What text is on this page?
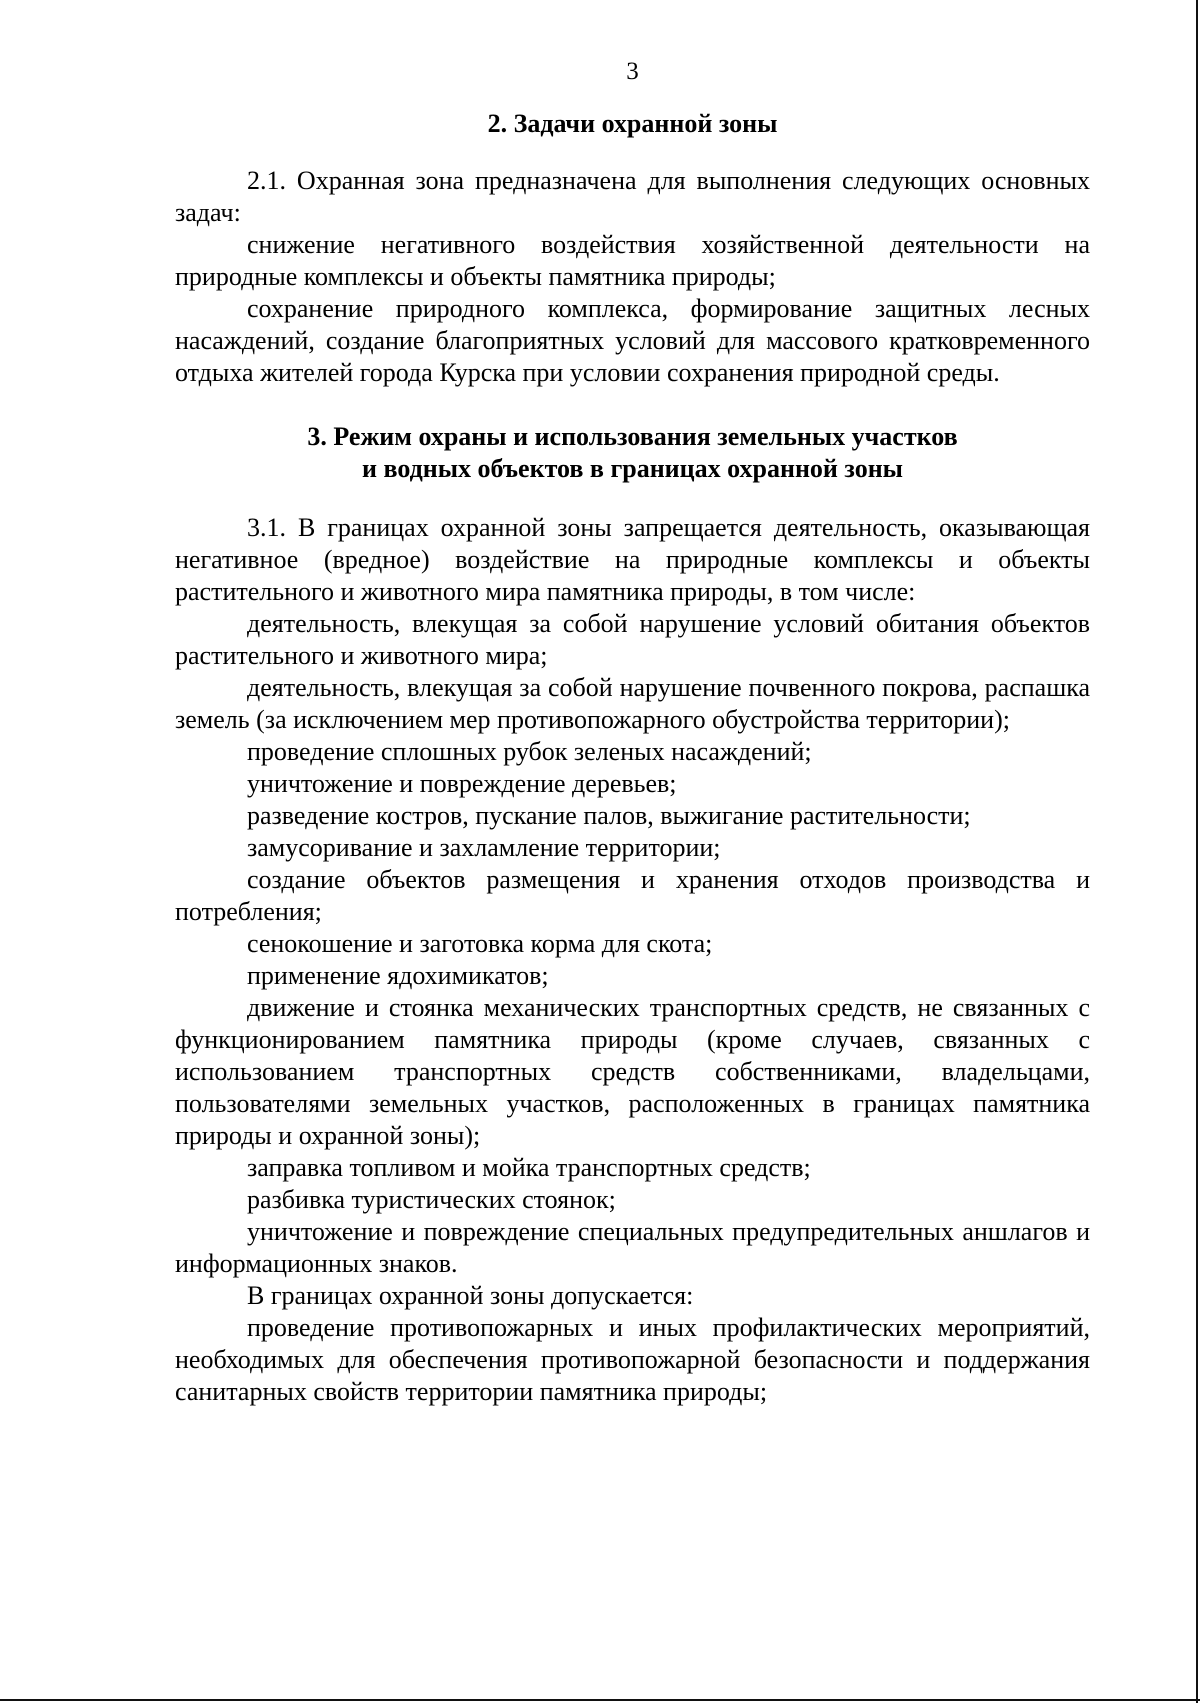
3
2. Задачи охранной зоны

2.1. Охранная зона предназначена для выполнения следующих основных задач:

снижение негативного воздействия хозяйственной деятельности на природные комплексы и объекты памятника природы;

сохранение природного комплекса, формирование защитных лесных насаждений, создание благоприятных условий для массового кратковременного отдыха жителей города Курска при условии сохранения природной среды.

3. Режим охраны и использования земельных участков
и водных объектов в границах охранной зоны

3.1. В границах охранной зоны запрещается деятельность, оказывающая негативное (вредное) воздействие на природные комплексы и объекты растительного и животного мира памятника природы, в том числе:

деятельность, влекущая за собой нарушение условий обитания объектов растительного и животного мира;

деятельность, влекущая за собой нарушение почвенного покрова, распашка земель (за исключением мер противопожарного обустройства территории);

проведение сплошных рубок зеленых насаждений;

уничтожение и повреждение деревьев;

разведение костров, пускание палов, выжигание растительности;

замусоривание и захламление территории;

создание объектов размещения и хранения отходов производства и потребления;

сенокошение и заготовка корма для скота;

применение ядохимикатов;

движение и стоянка механических транспортных средств, не связанных с функционированием памятника природы (кроме случаев, связанных с использованием транспортных средств собственниками, владельцами, пользователями земельных участков, расположенных в границах памятника природы и охранной зоны);

заправка топливом и мойка транспортных средств;

разбивка туристических стоянок;

уничтожение и повреждение специальных предупредительных аншлагов и информационных знаков.

В границах охранной зоны допускается:

проведение противопожарных и иных профилактических мероприятий, необходимых для обеспечения противопожарной безопасности и поддержания санитарных свойств территории памятника природы;
